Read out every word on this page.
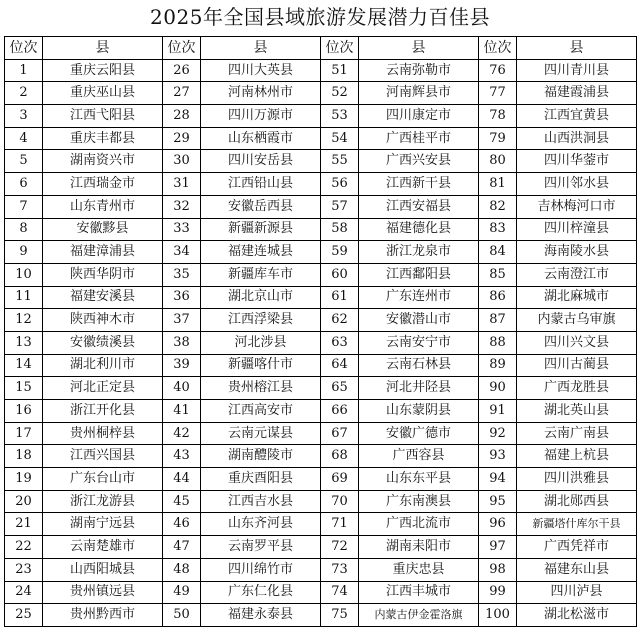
2025年全国县域旅游发展潜力百佳县
位次	县	位次	县	位次	县	位次	县
1	重庆云阳县	26	四川大英县	51	云南弥勒市	76	四川青川县
2	重庆巫山县	27	河南林州市	52	河南辉县市	77	福建霞浦县
3	江西弋阳县	28	四川万源市	53	四川康定市	78	江西宜黄县
4	重庆丰都县	29	山东栖霞市	54	广西桂平市	79	山西洪洞县
5	湖南资兴市	30	四川安岳县	55	广西兴安县	80	四川华蓥市
6	江西瑞金市	31	江西铅山县	56	江西新干县	81	四川邻水县
7	山东青州市	32	安徽岳西县	57	江西安福县	82	吉林梅河口市
8	安徽黟县	33	新疆新源县	58	福建德化县	83	四川梓潼县
9	福建漳浦县	34	福建连城县	59	浙江龙泉市	84	海南陵水县
10	陕西华阴市	35	新疆库车市	60	江西鄱阳县	85	云南澄江市
11	福建安溪县	36	湖北京山市	61	广东连州市	86	湖北麻城市
12	陕西神木市	37	江西浮梁县	62	安徽潜山市	87	内蒙古乌审旗
13	安徽绩溪县	38	河北涉县	63	云南安宁市	88	四川兴文县
14	湖北利川市	39	新疆喀什市	64	云南石林县	89	四川古蔺县
15	河北正定县	40	贵州榕江县	65	河北井陉县	90	广西龙胜县
16	浙江开化县	41	江西高安市	66	山东蒙阴县	91	湖北英山县
17	贵州桐梓县	42	云南元谋县	67	安徽广德市	92	云南广南县
18	江西兴国县	43	湖南醴陵市	68	广西容县	93	福建上杭县
19	广东台山市	44	重庆酉阳县	69	山东东平县	94	四川洪雅县
20	浙江龙游县	45	江西吉水县	70	广东南澳县	95	湖北郧西县
21	湖南宁远县	46	山东齐河县	71	广西北流市	96	新疆塔什库尔干县
22	云南楚雄市	47	云南罗平县	72	湖南耒阳市	97	广西凭祥市
23	山西阳城县	48	四川绵竹市	73	重庆忠县	98	福建东山县
24	贵州镇远县	49	广东仁化县	74	江西丰城市	99	四川泸县
25	贵州黔西市	50	福建永泰县	75	内蒙古伊金霍洛旗	100	湖北松滋市
